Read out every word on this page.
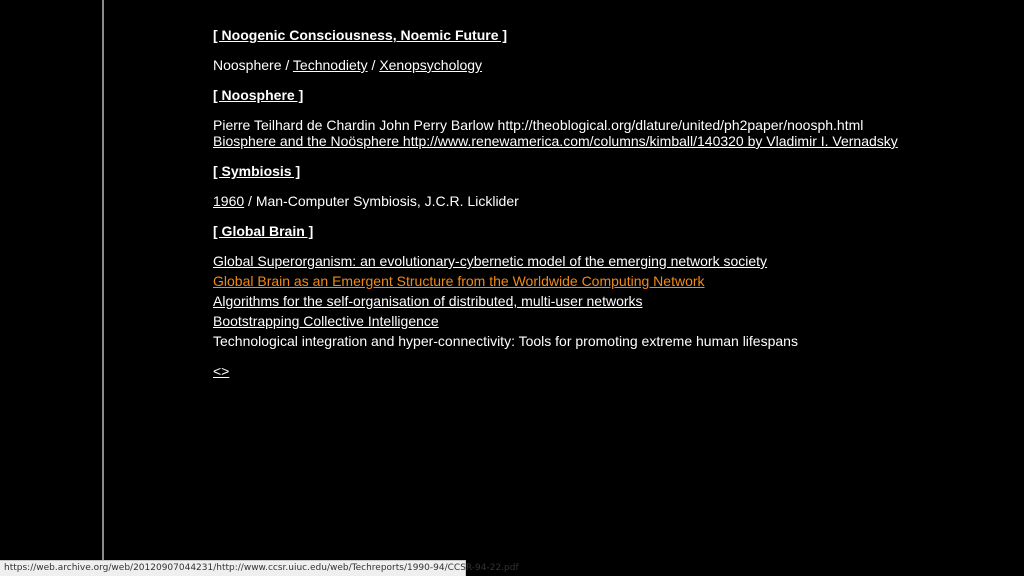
[ Noogenic Consciousness, Noemic Future ]
Noosphere / Technodiety / Xenopsychology
[ Noosphere ]
Pierre Teilhard de Chardin John Perry Barlow http://theoblogical.org/dlature/united/ph2paper/noosph.html
Biosphere and the Noösphere http://www.renewamerica.com/columns/kimball/140320 by Vladimir I. Vernadsky
[ Symbiosis ]
1960 / Man-Computer Symbiosis, J.C.R. Licklider
[ Global Brain ]
Global Superorganism: an evolutionary-cybernetic model of the emerging network society
Global Brain as an Emergent Structure from the Worldwide Computing Network
Algorithms for the self-organisation of distributed, multi-user networks
Bootstrapping Collective Intelligence
Technological integration and hyper-connectivity: Tools for promoting extreme human lifespans
<>
https://web.archive.org/web/20120907044231/http://www.ccsr.uiuc.edu/web/Techreports/1990-94/CCSR-94-22.pdf
